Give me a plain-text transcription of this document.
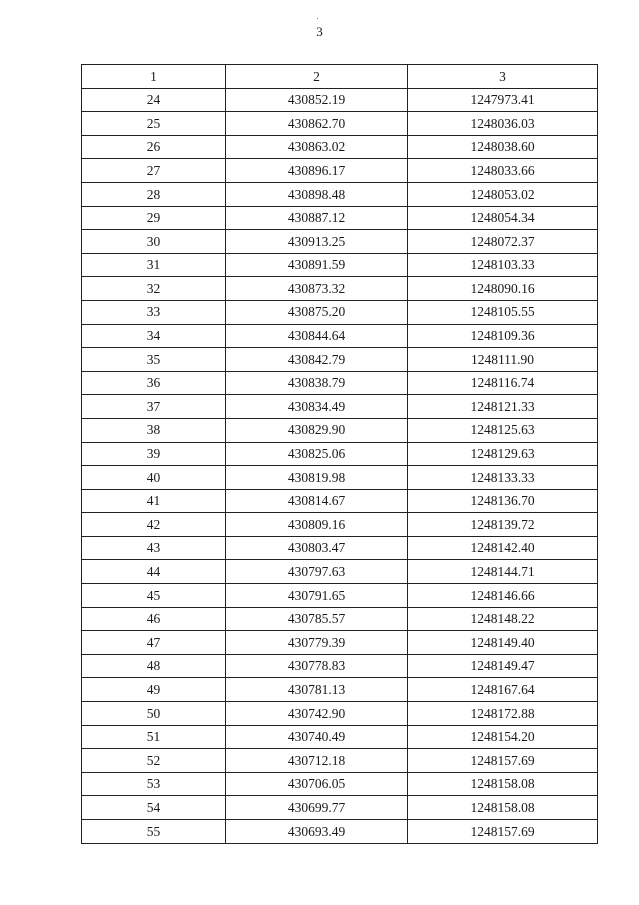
3
1	2	3
24	430852.19	1247973.41
25	430862.70	1248036.03
26	430863.02	1248038.60
27	430896.17	1248033.66
28	430898.48	1248053.02
29	430887.12	1248054.34
30	430913.25	1248072.37
31	430891.59	1248103.33
32	430873.32	1248090.16
33	430875.20	1248105.55
34	430844.64	1248109.36
35	430842.79	1248111.90
36	430838.79	1248116.74
37	430834.49	1248121.33
38	430829.90	1248125.63
39	430825.06	1248129.63
40	430819.98	1248133.33
41	430814.67	1248136.70
42	430809.16	1248139.72
43	430803.47	1248142.40
44	430797.63	1248144.71
45	430791.65	1248146.66
46	430785.57	1248148.22
47	430779.39	1248149.40
48	430778.83	1248149.47
49	430781.13	1248167.64
50	430742.90	1248172.88
51	430740.49	1248154.20
52	430712.18	1248157.69
53	430706.05	1248158.08
54	430699.77	1248158.08
55	430693.49	1248157.69
